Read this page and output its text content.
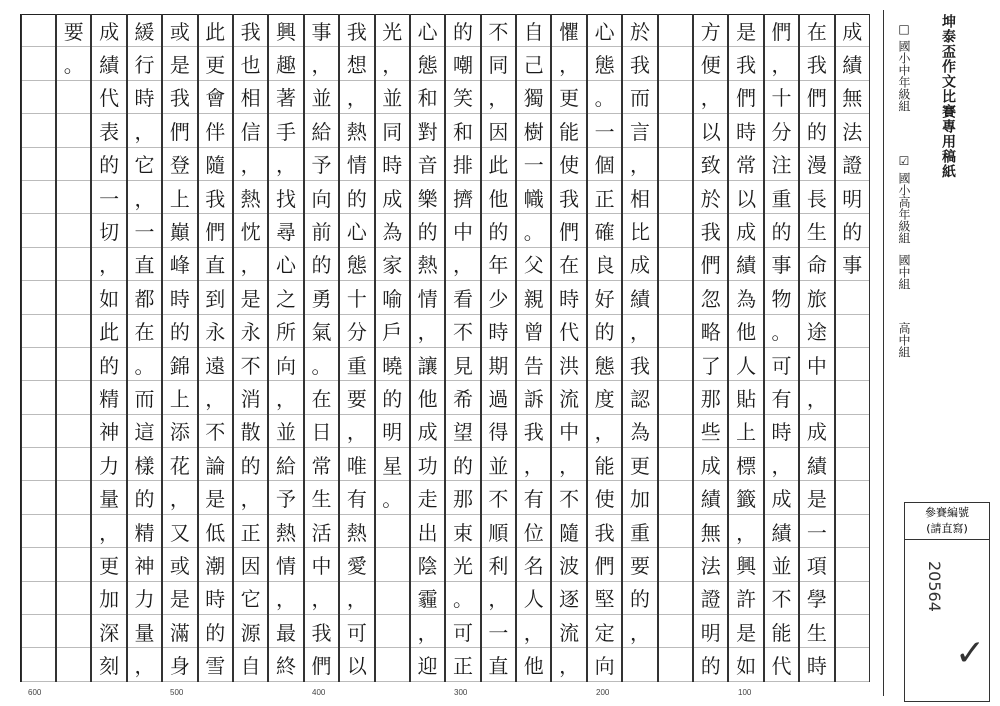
成
績
無
法
證
明
的
事
在
我
們
的
漫
長
生
命
旅
途
中
，
成
績
是
一
項
學
生
時
們
，
十
分
注
重
的
事
物
。
可
有
時
，
成
績
並
不
能
代
是
我
們
時
常
以
成
績
為
他
人
貼
上
標
籤
，
興
許
是
如
方
便
，
以
致
於
我
們
忽
略
了
那
些
成
績
無
法
證
明
的
於
我
而
言
，
相
比
成
績
，
我
認
為
更
加
重
要
的
，
心
態
。
一
個
正
確
良
好
的
態
度
，
能
使
我
們
堅
定
向
懼
，
更
能
使
我
們
在
時
代
洪
流
中
，
不
隨
波
逐
流
，
自
己
獨
樹
一
幟
。
父
親
曾
告
訴
我
，
有
位
名
人
，
他
不
同
，
因
此
他
的
年
少
時
期
過
得
並
不
順
利
，
一
直
的
嘲
笑
和
排
擠
中
，
看
不
見
希
望
的
那
束
光
。
可
正
心
態
和
對
音
樂
的
熱
情
，
讓
他
成
功
走
出
陰
霾
，
迎
光
，
並
同
時
成
為
家
喻
戶
曉
的
明
星
。
我
想
，
熱
情
的
心
態
十
分
重
要
，
唯
有
熱
愛
，
可
以
事
，
並
給
予
向
前
的
勇
氣
。
在
日
常
生
活
中
，
我
們
興
趣
著
手
，
找
尋
心
之
所
向
，
並
給
予
熱
情
，
最
終
我
也
相
信
，
熱
忱
，
是
永
不
消
散
的
，
正
因
它
源
自
此
更
會
伴
隨
我
們
直
到
永
遠
，
不
論
是
低
潮
時
的
雪
或
是
我
們
登
上
巔
峰
時
的
錦
上
添
花
，
又
或
是
滿
身
緩
行
時
，
它
，
一
直
都
在
。
而
這
樣
的
精
神
力
量
，
成
績
代
表
的
一
切
，
如
此
的
精
神
力
量
，
更
加
深
刻
要
。
600	500	400	300	200	100
坤泰盃作文比賽專用稿紙
□ 國小中年級組
☑ 國小高年級組
國中組
高中組
參賽編號
(請直寫)
20564
✓
